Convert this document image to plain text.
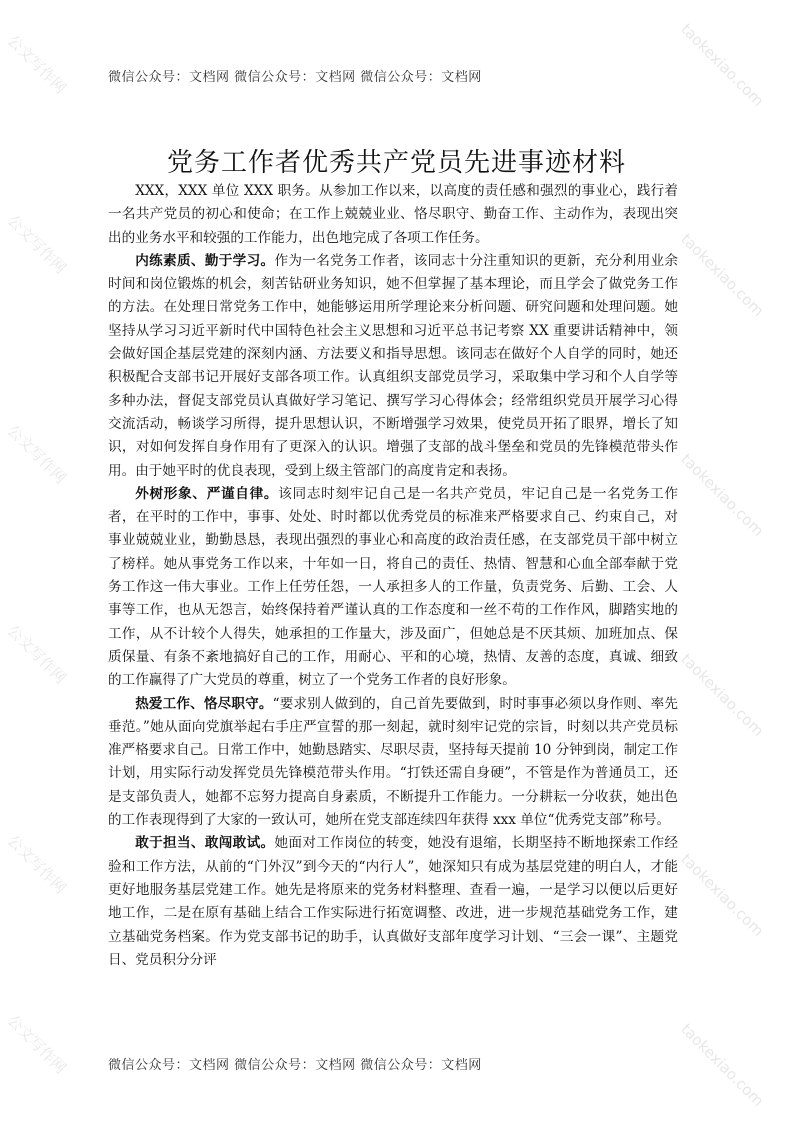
公文写作网	taokexiao.com
公文写作网	taokexiao.com
公文写作网	taokexiao.com
公文写作网	taokexiao.com
公文写作网	taokexiao.com
公文写作网	taokexiao.com
微信公众号：文档网 微信公众号：文档网 微信公众号：文档网
党务工作者优秀共产党员先进事迹材料

XXX，XXX 单位 XXX 职务。从参加工作以来，以高度的责任感和强烈的事业心，践行着一名共产党员的初心和使命；在工作上兢兢业业、恪尽职守、勤奋工作、主动作为，表现出突出的业务水平和较强的工作能力，出色地完成了各项工作任务。

内练素质、勤于学习。作为一名党务工作者，该同志十分注重知识的更新，充分利用业余时间和岗位锻炼的机会，刻苦钻研业务知识，她不但掌握了基本理论，而且学会了做党务工作的方法。在处理日常党务工作中，她能够运用所学理论来分析问题、研究问题和处理问题。她坚持从学习习近平新时代中国特色社会主义思想和习近平总书记考察 XX 重要讲话精神中，领会做好国企基层党建的深刻内涵、方法要义和指导思想。该同志在做好个人自学的同时，她还积极配合支部书记开展好支部各项工作。认真组织支部党员学习，采取集中学习和个人自学等多种办法，督促支部党员认真做好学习笔记、撰写学习心得体会；经常组织党员开展学习心得交流活动，畅谈学习所得，提升思想认识，不断增强学习效果，使党员开拓了眼界，增长了知识，对如何发挥自身作用有了更深入的认识。增强了支部的战斗堡垒和党员的先锋模范带头作用。由于她平时的优良表现，受到上级主管部门的高度肯定和表扬。

外树形象、严谨自律。该同志时刻牢记自己是一名共产党员，牢记自己是一名党务工作者，在平时的工作中，事事、处处、时时都以优秀党员的标准来严格要求自己、约束自己，对事业兢兢业业，勤勤恳恳，表现出强烈的事业心和高度的政治责任感，在支部党员干部中树立了榜样。她从事党务工作以来，十年如一日，将自己的责任、热情、智慧和心血全部奉献于党务工作这一伟大事业。工作上任劳任怨，一人承担多人的工作量，负责党务、后勤、工会、人事等工作，也从无怨言，始终保持着严谨认真的工作态度和一丝不苟的工作作风，脚踏实地的工作，从不计较个人得失，她承担的工作量大，涉及面广，但她总是不厌其烦、加班加点、保质保量、有条不紊地搞好自己的工作，用耐心、平和的心境，热情、友善的态度，真诚、细致的工作赢得了广大党员的尊重，树立了一个党务工作者的良好形象。

热爱工作、恪尽职守。“要求别人做到的，自己首先要做到，时时事事必须以身作则、率先垂范。”她从面向党旗举起右手庄严宣誓的那一刻起，就时刻牢记党的宗旨，时刻以共产党员标准严格要求自己。日常工作中，她勤恳踏实、尽职尽责，坚持每天提前 10 分钟到岗，制定工作计划，用实际行动发挥党员先锋模范带头作用。“打铁还需自身硬”，不管是作为普通员工，还是支部负责人，她都不忘努力提高自身素质，不断提升工作能力。一分耕耘一分收获，她出色的工作表现得到了大家的一致认可，她所在党支部连续四年获得 xxx 单位“优秀党支部”称号。

敢于担当、敢闯敢试。她面对工作岗位的转变，她没有退缩，长期坚持不断地探索工作经验和工作方法，从前的“门外汉”到今天的“内行人”，她深知只有成为基层党建的明白人，才能更好地服务基层党建工作。她先是将原来的党务材料整理、查看一遍，一是学习以便以后更好地工作，二是在原有基础上结合工作实际进行拓宽调整、改进，进一步规范基础党务工作，建立基础党务档案。作为党支部书记的助手，认真做好支部年度学习计划、“三会一课”、主题党日、党员积分分评

微信公众号：文档网 微信公众号：文档网 微信公众号：文档网
